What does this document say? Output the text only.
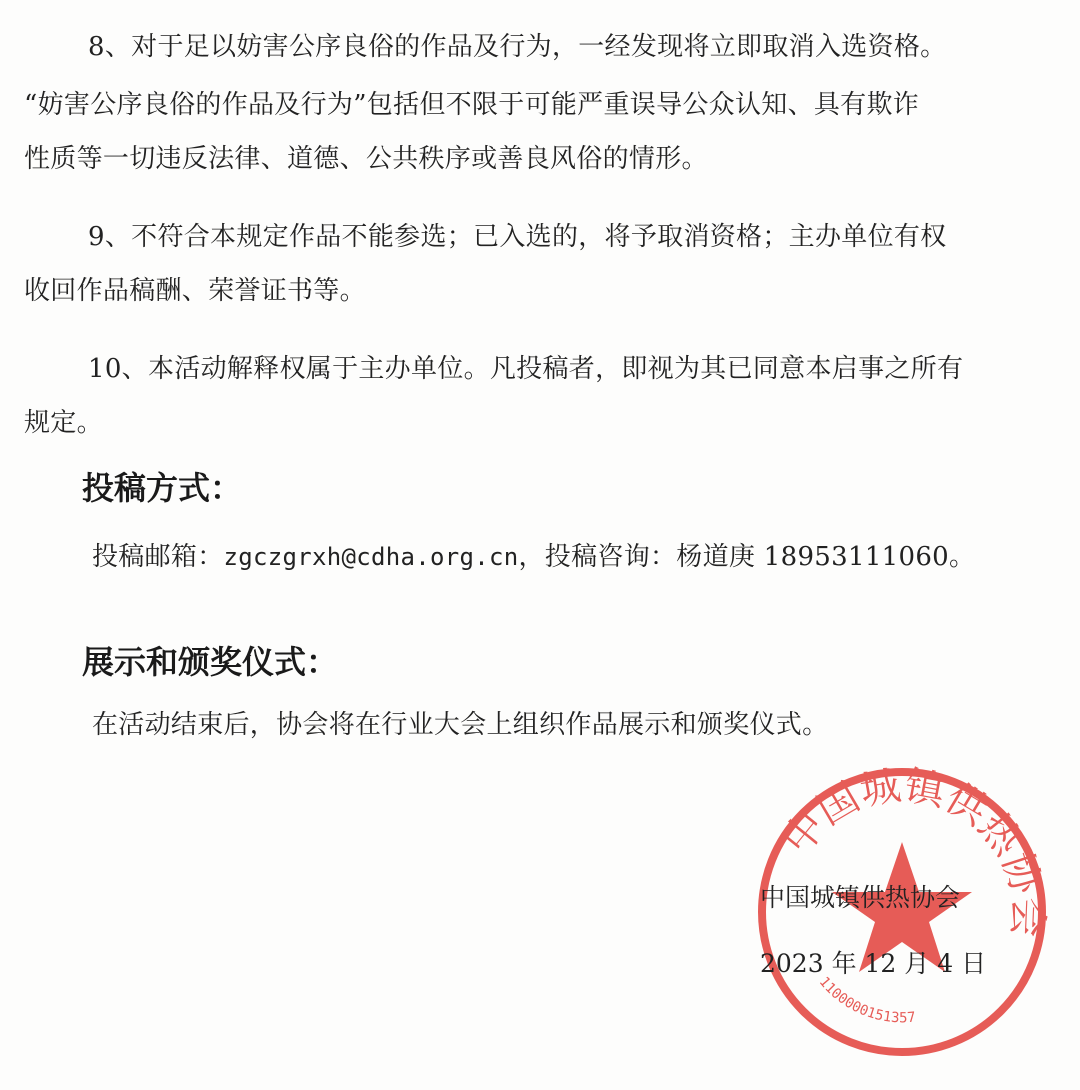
8、对于足以妨害公序良俗的作品及行为，一经发现将立即取消入选资格。
“妨害公序良俗的作品及行为”包括但不限于可能严重误导公众认知、具有欺诈
性质等一切违反法律、道德、公共秩序或善良风俗的情形。
9、不符合本规定作品不能参选；已入选的，将予取消资格；主办单位有权
收回作品稿酬、荣誉证书等。
10、本活动解释权属于主办单位。凡投稿者，即视为其已同意本启事之所有
规定。
投稿方式：
投稿邮箱：zgczgrxh@cdha.org.cn，投稿咨询：杨道庚 18953111060。
展示和颁奖仪式：
在活动结束后，协会将在行业大会上组织作品展示和颁奖仪式。
中国城镇供热协会
1100000151357
中国城镇供热协会
2023 年 12 月 4 日
